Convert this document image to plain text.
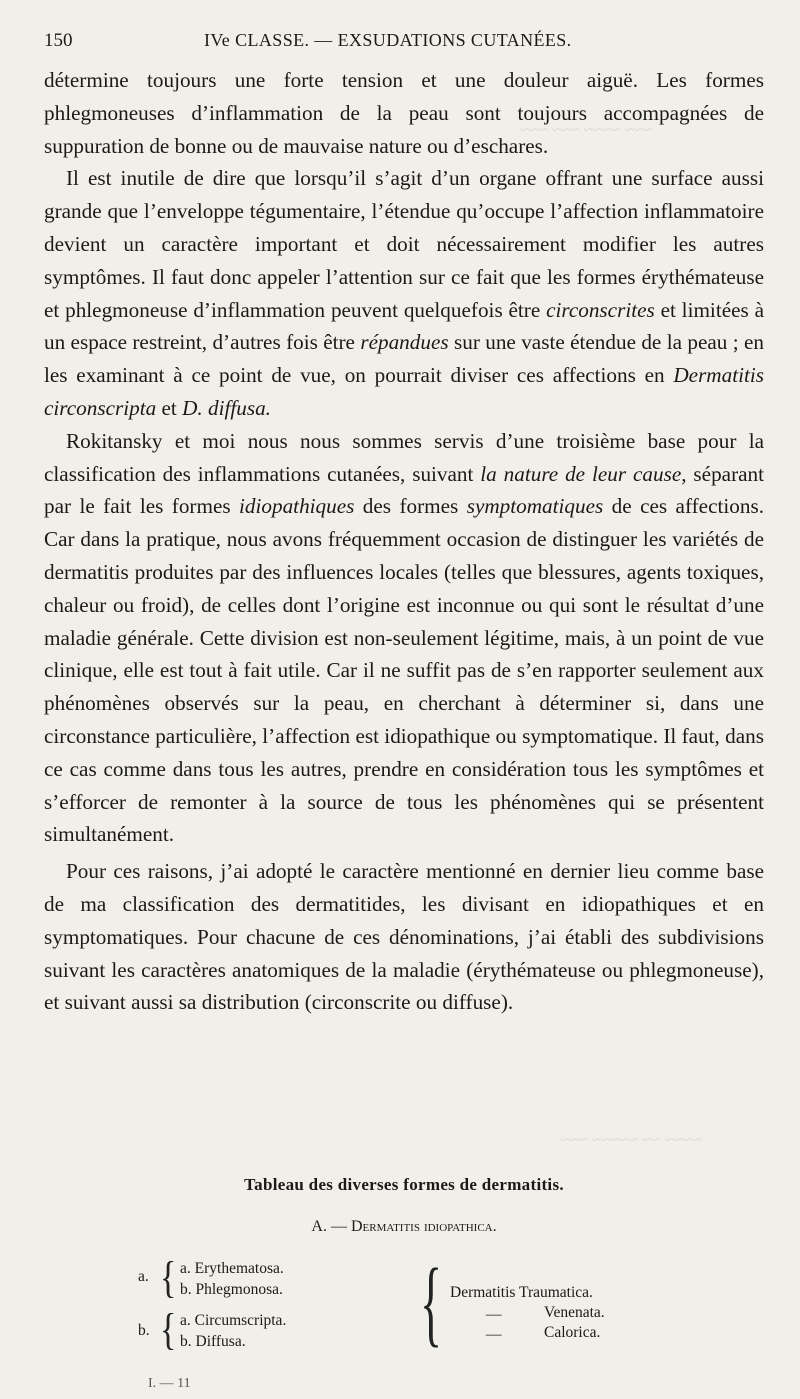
~~~ ~~~~ ~~~ ~~~
~~~~ ~~ ~~~~~ ~~~
150	IVe CLASSE. — EXSUDATIONS CUTANÉES.

détermine toujours une forte tension et une douleur aiguë. Les formes phlegmoneuses d’inflammation de la peau sont toujours accompagnées de suppuration de bonne ou de mauvaise nature ou d’eschares.

Il est inutile de dire que lorsqu’il s’agit d’un organe offrant une surface aussi grande que l’enveloppe tégumentaire, l’étendue qu’occupe l’affection inflammatoire devient un caractère important et doit nécessairement modifier les autres symptômes. Il faut donc appeler l’attention sur ce fait que les formes érythémateuse et phlegmoneuse d’inflammation peuvent quelquefois être circonscrites et limitées à un espace restreint, d’autres fois être répandues sur une vaste étendue de la peau ; en les examinant à ce point de vue, on pourrait diviser ces affections en Dermatitis circonscripta et D. diffusa.

Rokitansky et moi nous nous sommes servis d’une troisième base pour la classification des inflammations cutanées, suivant la nature de leur cause, séparant par le fait les formes idiopathiques des formes symptomatiques de ces affections. Car dans la pratique, nous avons fréquemment occasion de distinguer les variétés de dermatitis produites par des influences locales (telles que blessures, agents toxiques, chaleur ou froid), de celles dont l’origine est inconnue ou qui sont le résultat d’une maladie générale. Cette division est non-seulement légitime, mais, à un point de vue clinique, elle est tout à fait utile. Car il ne suffit pas de s’en rapporter seulement aux phénomènes observés sur la peau, en cherchant à déterminer si, dans une circonstance particulière, l’affection est idiopathique ou symptomatique. Il faut, dans ce cas comme dans tous les autres, prendre en considération tous les symptômes et s’efforcer de remonter à la source de tous les phénomènes qui se présentent simultanément.

Pour ces raisons, j’ai adopté le caractère mentionné en dernier lieu comme base de ma classification des dermatitides, les divisant en idiopathiques et en symptomatiques. Pour chacune de ces dénominations, j’ai établi des subdivisions suivant les caractères anatomiques de la maladie (érythémateuse ou phlegmoneuse), et suivant aussi sa distribution (circonscrite ou diffuse).

Tableau des diverses formes de dermatitis.
A. — Dermatitis idiopathica.
a. { a. Erythematosa.
b. Phlegmonosa.
b. { a. Circumscripta.
b. Diffusa.	{ Dermatitis Traumatica.
—	Venenata.
—	Calorica.
I. — 11
